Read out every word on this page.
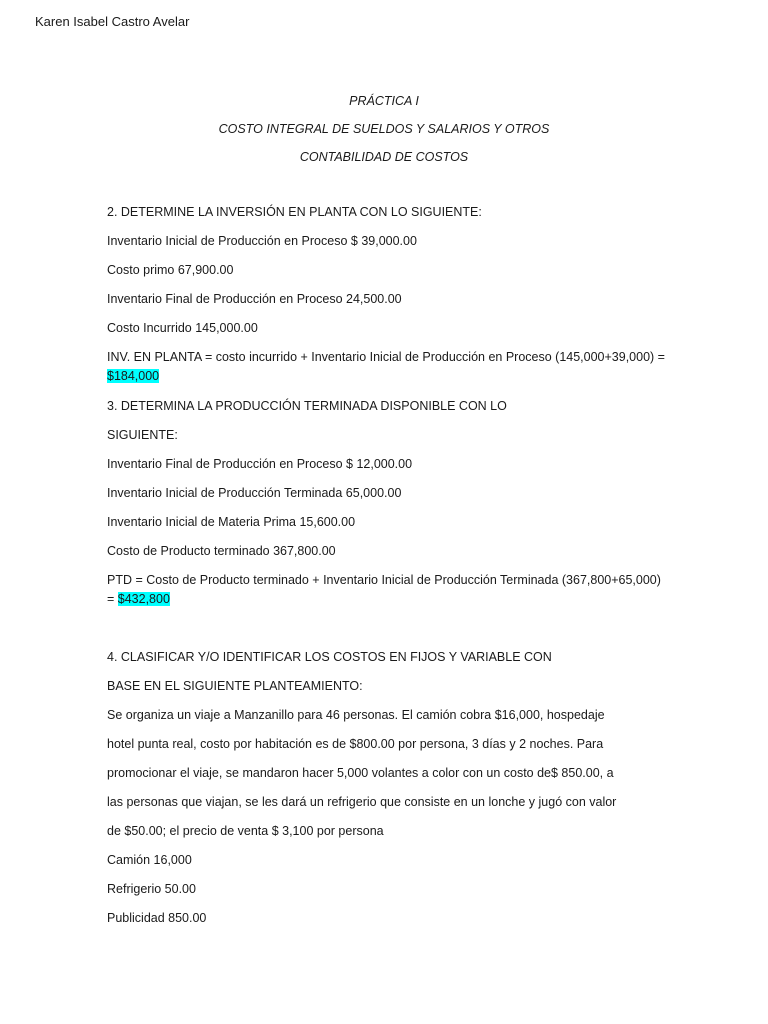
Karen Isabel Castro Avelar
PRÁCTICA I
COSTO INTEGRAL DE SUELDOS Y SALARIOS Y OTROS
CONTABILIDAD DE COSTOS
2. DETERMINE LA INVERSIÓN EN PLANTA CON LO SIGUIENTE:
Inventario Inicial de Producción en Proceso $ 39,000.00
Costo primo 67,900.00
Inventario Final de Producción en Proceso 24,500.00
Costo Incurrido 145,000.00
INV. EN PLANTA = costo incurrido + Inventario Inicial de Producción en Proceso (145,000+39,000) =
$184,000
3. DETERMINA LA PRODUCCIÓN TERMINADA DISPONIBLE CON LO
SIGUIENTE:
Inventario Final de Producción en Proceso $ 12,000.00
Inventario Inicial de Producción Terminada 65,000.00
Inventario Inicial de Materia Prima 15,600.00
Costo de Producto terminado 367,800.00
PTD = Costo de Producto terminado + Inventario Inicial de Producción Terminada (367,800+65,000)
= $432,800
4. CLASIFICAR Y/O IDENTIFICAR LOS COSTOS EN FIJOS Y VARIABLE CON
BASE EN EL SIGUIENTE PLANTEAMIENTO:
Se organiza un viaje a Manzanillo para 46 personas. El camión cobra $16,000, hospedaje
hotel punta real, costo por habitación es de $800.00 por persona, 3 días y 2 noches. Para
promocionar el viaje, se mandaron hacer 5,000 volantes a color con un costo de$ 850.00, a
las personas que viajan, se les dará un refrigerio que consiste en un lonche y jugó con valor
de $50.00; el precio de venta $ 3,100 por persona
Camión 16,000
Refrigerio 50.00
Publicidad 850.00
